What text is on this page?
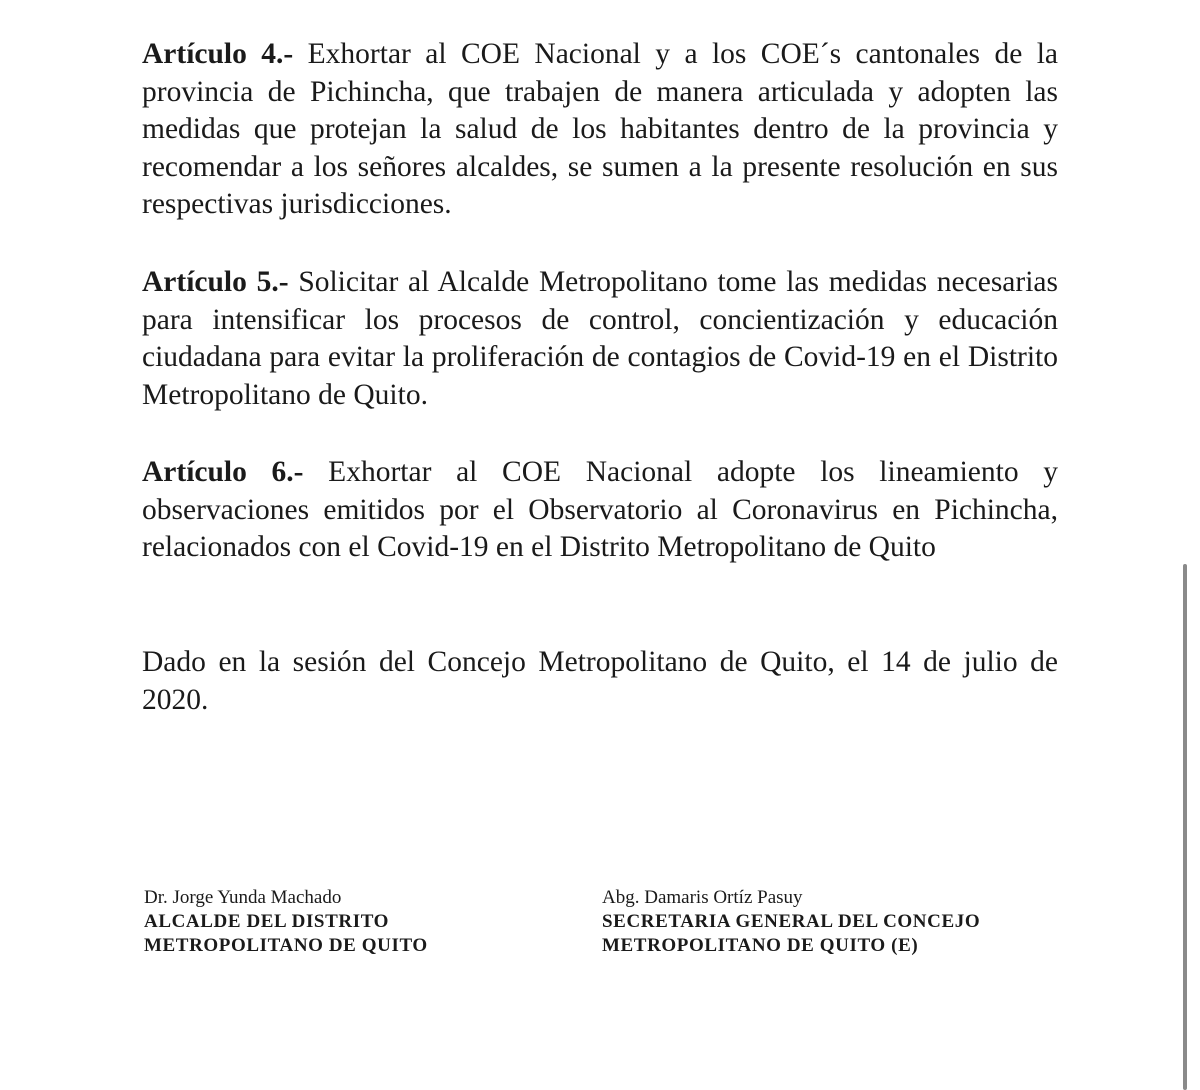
Artículo 4.- Exhortar al COE Nacional y a los COE´s cantonales de la provincia de Pichincha, que trabajen de manera articulada y adopten las medidas que protejan la salud de los habitantes dentro de la provincia y recomendar a los señores alcaldes, se sumen a la presente resolución en sus respectivas jurisdicciones.

Artículo 5.- Solicitar al Alcalde Metropolitano tome las medidas necesarias para intensificar los procesos de control, concientización y educación ciudadana para evitar la proliferación de contagios de Covid-19 en el Distrito Metropolitano de Quito.

Artículo 6.- Exhortar al COE Nacional adopte los lineamiento y observaciones emitidos por el Observatorio al Coronavirus en Pichincha, relacionados con el Covid-19 en el Distrito Metropolitano de Quito

Dado en la sesión del Concejo Metropolitano de Quito, el 14 de julio de 2020.

Dr. Jorge Yunda Machado
ALCALDE DEL DISTRITO
METROPOLITANO DE QUITO
Abg. Damaris Ortíz Pasuy
SECRETARIA GENERAL DEL CONCEJO
METROPOLITANO DE QUITO (E)
